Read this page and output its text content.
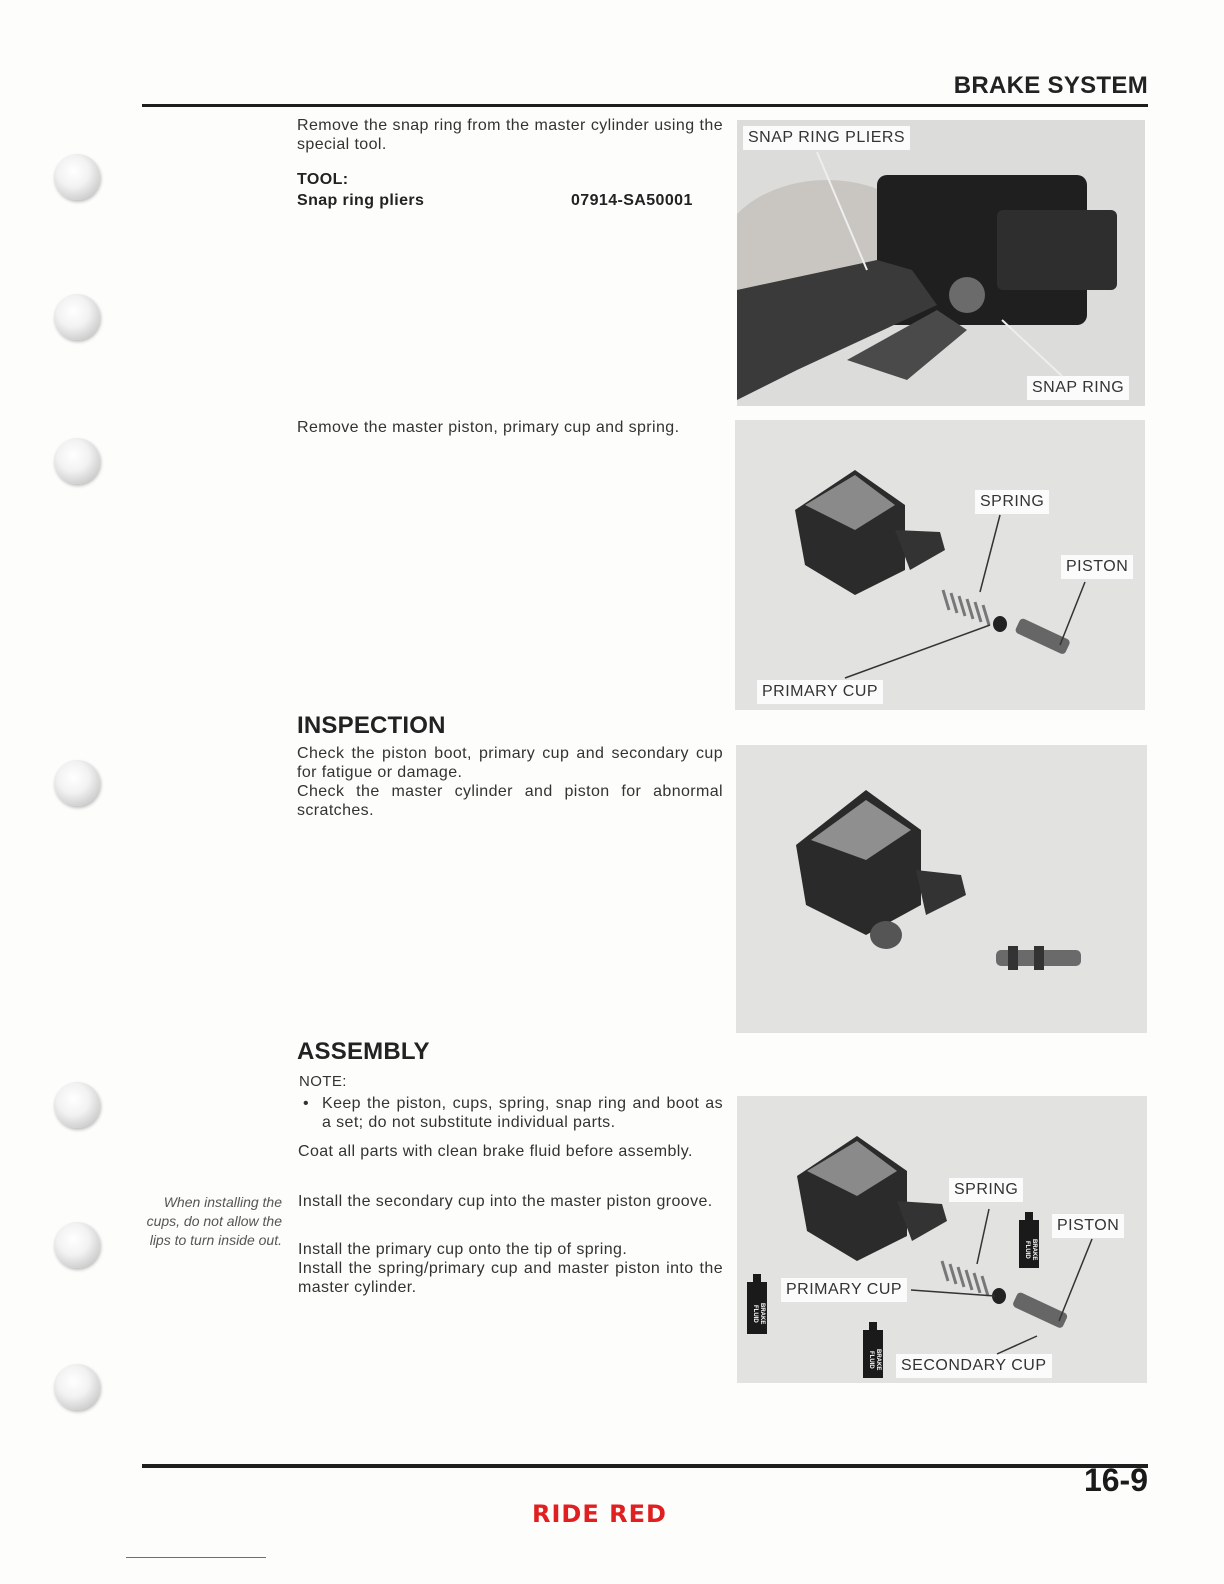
BRAKE SYSTEM
Remove the snap ring from the master cylinder using the special tool.
TOOL:
Snap ring pliers	07914-SA50001
SNAP RING PLIERS
SNAP RING
Remove the master piston, primary cup and spring.
SPRING
PISTON
PRIMARY CUP
INSPECTION
Check the piston boot, primary cup and secondary cup for fatigue or damage.
Check the master cylinder and piston for abnormal scratches.
ASSEMBLY
NOTE:
• Keep the piston, cups, spring, snap ring and boot as a set; do not substitute individual parts.
Coat all parts with clean brake fluid before assembly.
Install the secondary cup into the master piston groove.
Install the primary cup onto the tip of spring.
Install the spring/primary cup and master piston into the master cylinder.
When installing the cups, do not allow the lips to turn inside out.
SPRING
PISTON
PRIMARY CUP
SECONDARY CUP
BRAKE FLUID
BRAKE FLUID
BRAKE FLUID
16-9
RIDE RED
